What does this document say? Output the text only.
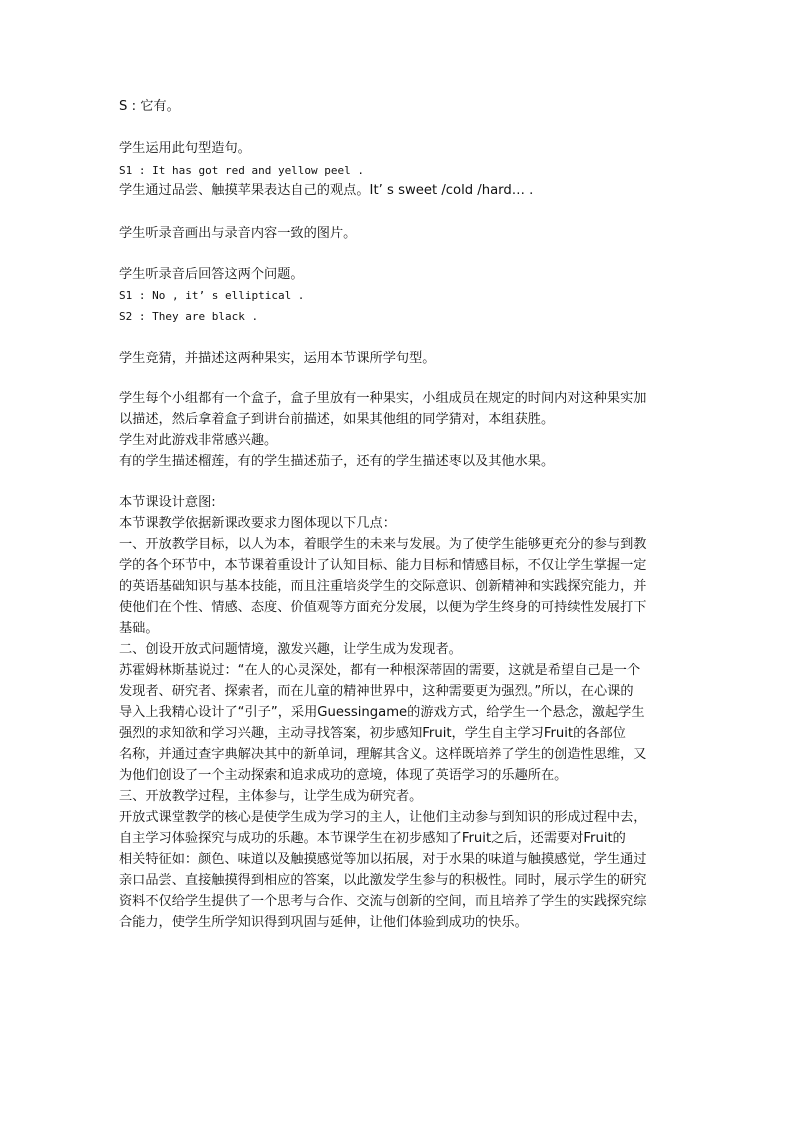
S : 它有。

学生运用此句型造句。

S1 : It has got red and yellow peel .

学生通过品尝、触摸苹果表达自己的观点。It’ s sweet /cold /hard… .

学生听录音画出与录音内容一致的图片。

学生听录音后回答这两个问题。

S1 : No , it’ s elliptical .

S2 : They are black .

学生竞猜，并描述这两种果实，运用本节课所学句型。

学生每个小组都有一个盒子，盒子里放有一种果实，小组成员在规定的时间内对这种果实加

以描述，然后拿着盒子到讲台前描述，如果其他组的同学猜对，本组获胜。

学生对此游戏非常感兴趣。

有的学生描述榴莲，有的学生描述茄子，还有的学生描述枣以及其他水果。

本节课设计意图:

本节课教学依据新课改要求力图体现以下几点：

一、开放教学目标，以人为本，着眼学生的未来与发展。为了使学生能够更充分的参与到教

学的各个环节中，本节课着重设计了认知目标、能力目标和情感目标，不仅让学生掌握一定

的英语基础知识与基本技能，而且注重培炎学生的交际意识、创新精神和实践探究能力，并

使他们在个性、情感、态度、价值观等方面充分发展，以便为学生终身的可持续性发展打下

基础。

二、创设开放式问题情境，激发兴趣，让学生成为发现者。

苏霍姆林斯基说过：“在人的心灵深处，都有一种根深蒂固的需要，这就是希望自己是一个

发现者、研究者、探索者，而在儿童的精神世界中，这种需要更为强烈。”所以，在心课的

导入上我精心设计了“引子”，采用Guessingame的游戏方式，给学生一个悬念，激起学生

强烈的求知欲和学习兴趣，主动寻找答案，初步感知Fruit，学生自主学习Fruit的各部位

名称，并通过查字典解决其中的新单词，理解其含义。这样既培养了学生的创造性思维，又

为他们创设了一个主动探索和追求成功的意境，体现了英语学习的乐趣所在。

三、开放教学过程，主体参与，让学生成为研究者。

开放式课堂教学的核心是使学生成为学习的主人，让他们主动参与到知识的形成过程中去，

自主学习体验探究与成功的乐趣。本节课学生在初步感知了Fruit之后，还需要对Fruit的

相关特征如：颜色、味道以及触摸感觉等加以拓展，对于水果的味道与触摸感觉，学生通过

亲口品尝、直接触摸得到相应的答案，以此激发学生参与的积极性。同时，展示学生的研究

资料不仅给学生提供了一个思考与合作、交流与创新的空间，而且培养了学生的实践探究综

合能力，使学生所学知识得到巩固与延伸，让他们体验到成功的快乐。
